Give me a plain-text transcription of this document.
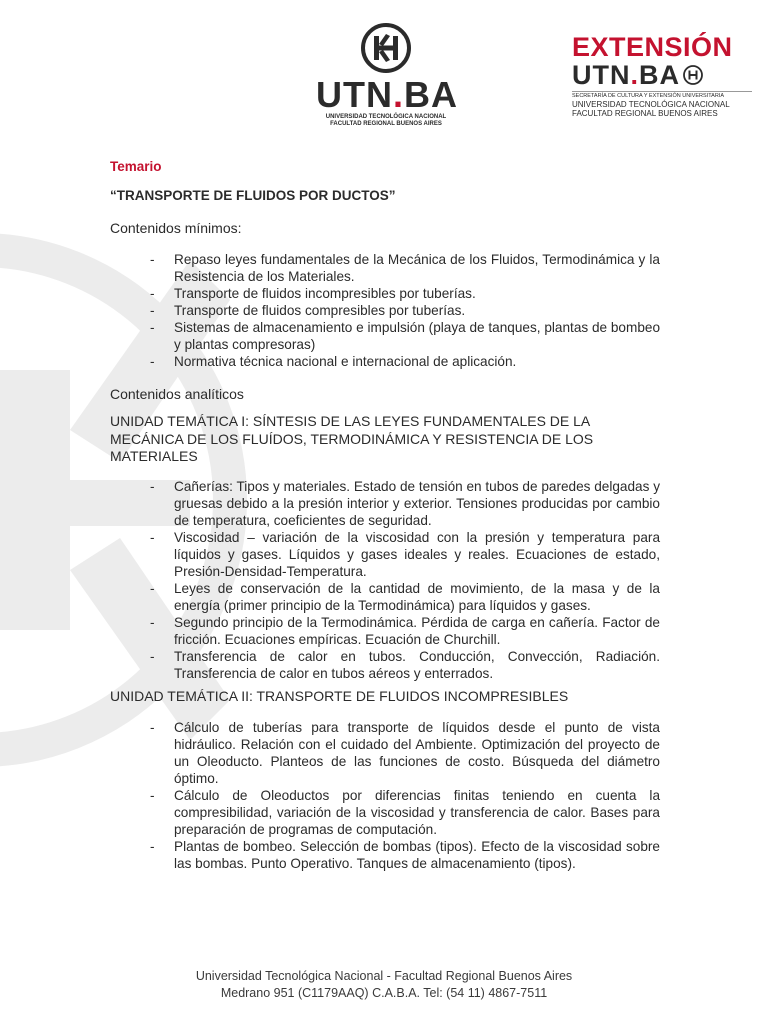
UTN.BA
UNIVERSIDAD TECNOLÓGICA NACIONAL
FACULTAD REGIONAL BUENOS AIRES
EXTENSIÓN
UTN . BA
SECRETARÍA DE CULTURA Y EXTENSIÓN UNIVERSITARIA
UNIVERSIDAD TECNOLÓGICA NACIONAL
FACULTAD REGIONAL BUENOS AIRES

Temario

“TRANSPORTE DE FLUIDOS POR DUCTOS”

Contenidos mínimos:

- Repaso leyes fundamentales de la Mecánica de los Fluidos, Termodinámica y la Resistencia de los Materiales.
- Transporte de fluidos incompresibles por tuberías.
- Transporte de fluidos compresibles por tuberías.
- Sistemas de almacenamiento e impulsión (playa de tanques, plantas de bombeo y plantas compresoras)
- Normativa técnica nacional e internacional de aplicación.

Contenidos analíticos

UNIDAD TEMÁTICA I: SÍNTESIS DE LAS LEYES FUNDAMENTALES DE LA MECÁNICA DE LOS FLUÍDOS, TERMODINÁMICA Y RESISTENCIA DE LOS MATERIALES

- Cañerías: Tipos y materiales. Estado de tensión en tubos de paredes delgadas y gruesas debido a la presión interior y exterior. Tensiones producidas por cambio de temperatura, coeficientes de seguridad.
- Viscosidad – variación de la viscosidad con la presión y temperatura para líquidos y gases. Líquidos y gases ideales y reales. Ecuaciones de estado, Presión-Densidad-Temperatura.
- Leyes de conservación de la cantidad de movimiento, de la masa y de la energía (primer principio de la Termodinámica) para líquidos y gases.
- Segundo principio de la Termodinámica. Pérdida de carga en cañería. Factor de fricción. Ecuaciones empíricas. Ecuación de Churchill.
- Transferencia de calor en tubos. Conducción, Convección, Radiación. Transferencia de calor en tubos aéreos y enterrados.

UNIDAD TEMÁTICA II: TRANSPORTE DE FLUIDOS INCOMPRESIBLES

- Cálculo de tuberías para transporte de líquidos desde el punto de vista hidráulico. Relación con el cuidado del Ambiente. Optimización del proyecto de un Oleoducto. Planteos de las funciones de costo. Búsqueda del diámetro óptimo.
- Cálculo de Oleoductos por diferencias finitas teniendo en cuenta la compresibilidad, variación de la viscosidad y transferencia de calor. Bases para preparación de programas de computación.
- Plantas de bombeo. Selección de bombas (tipos). Efecto de la viscosidad sobre las bombas. Punto Operativo. Tanques de almacenamiento (tipos).
Universidad Tecnológica Nacional - Facultad Regional Buenos Aires
Medrano 951 (C1179AAQ) C.A.B.A. Tel: (54 11) 4867-7511
